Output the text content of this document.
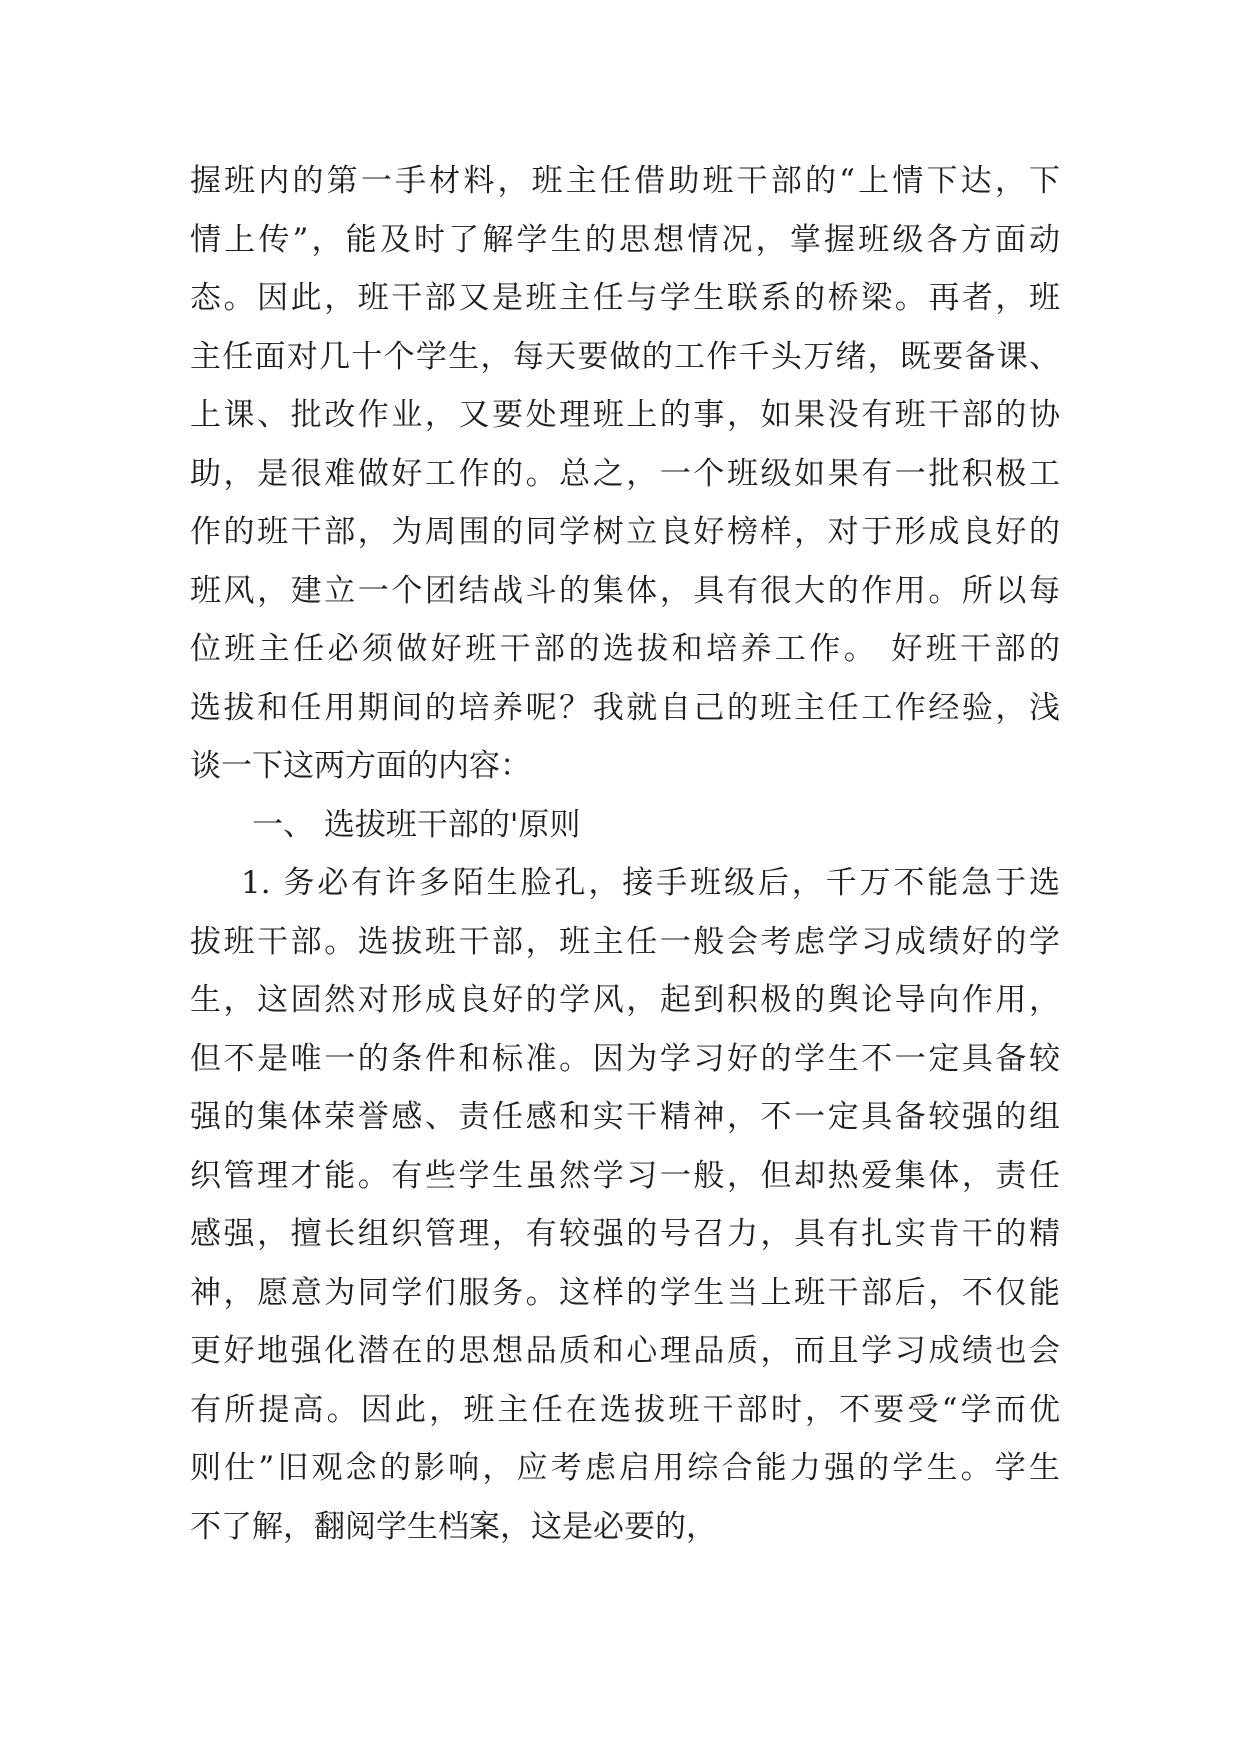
握班内的第一手材料，班主任借助班干部的“上情下达，下
情上传”，能及时了解学生的思想情况，掌握班级各方面动
态。因此，班干部又是班主任与学生联系的桥梁。再者，班
主任面对几十个学生，每天要做的工作千头万绪，既要备课、
上课、批改作业，又要处理班上的事，如果没有班干部的协
助，是很难做好工作的。总之，一个班级如果有一批积极工
作的班干部，为周围的同学树立良好榜样，对于形成良好的
班风，建立一个团结战斗的集体，具有很大的作用。所以每
位班主任必须做好班干部的选拔和培养工作。 好班干部的
选拔和任用期间的培养呢？我就自己的班主任工作经验，浅
谈一下这两方面的内容：
一、 选拔班干部的'原则
1. 务必有许多陌生脸孔，接手班级后，千万不能急于选
拔班干部。选拔班干部，班主任一般会考虑学习成绩好的学
生，这固然对形成良好的学风，起到积极的舆论导向作用，
但不是唯一的条件和标准。因为学习好的学生不一定具备较
强的集体荣誉感、责任感和实干精神，不一定具备较强的组
织管理才能。有些学生虽然学习一般，但却热爱集体，责任
感强，擅长组织管理，有较强的号召力，具有扎实肯干的精
神，愿意为同学们服务。这样的学生当上班干部后，不仅能
更好地强化潜在的思想品质和心理品质，而且学习成绩也会
有所提高。因此，班主任在选拔班干部时，不要受“学而优
则仕”旧观念的影响，应考虑启用综合能力强的学生。学生
不了解，翻阅学生档案，这是必要的，
